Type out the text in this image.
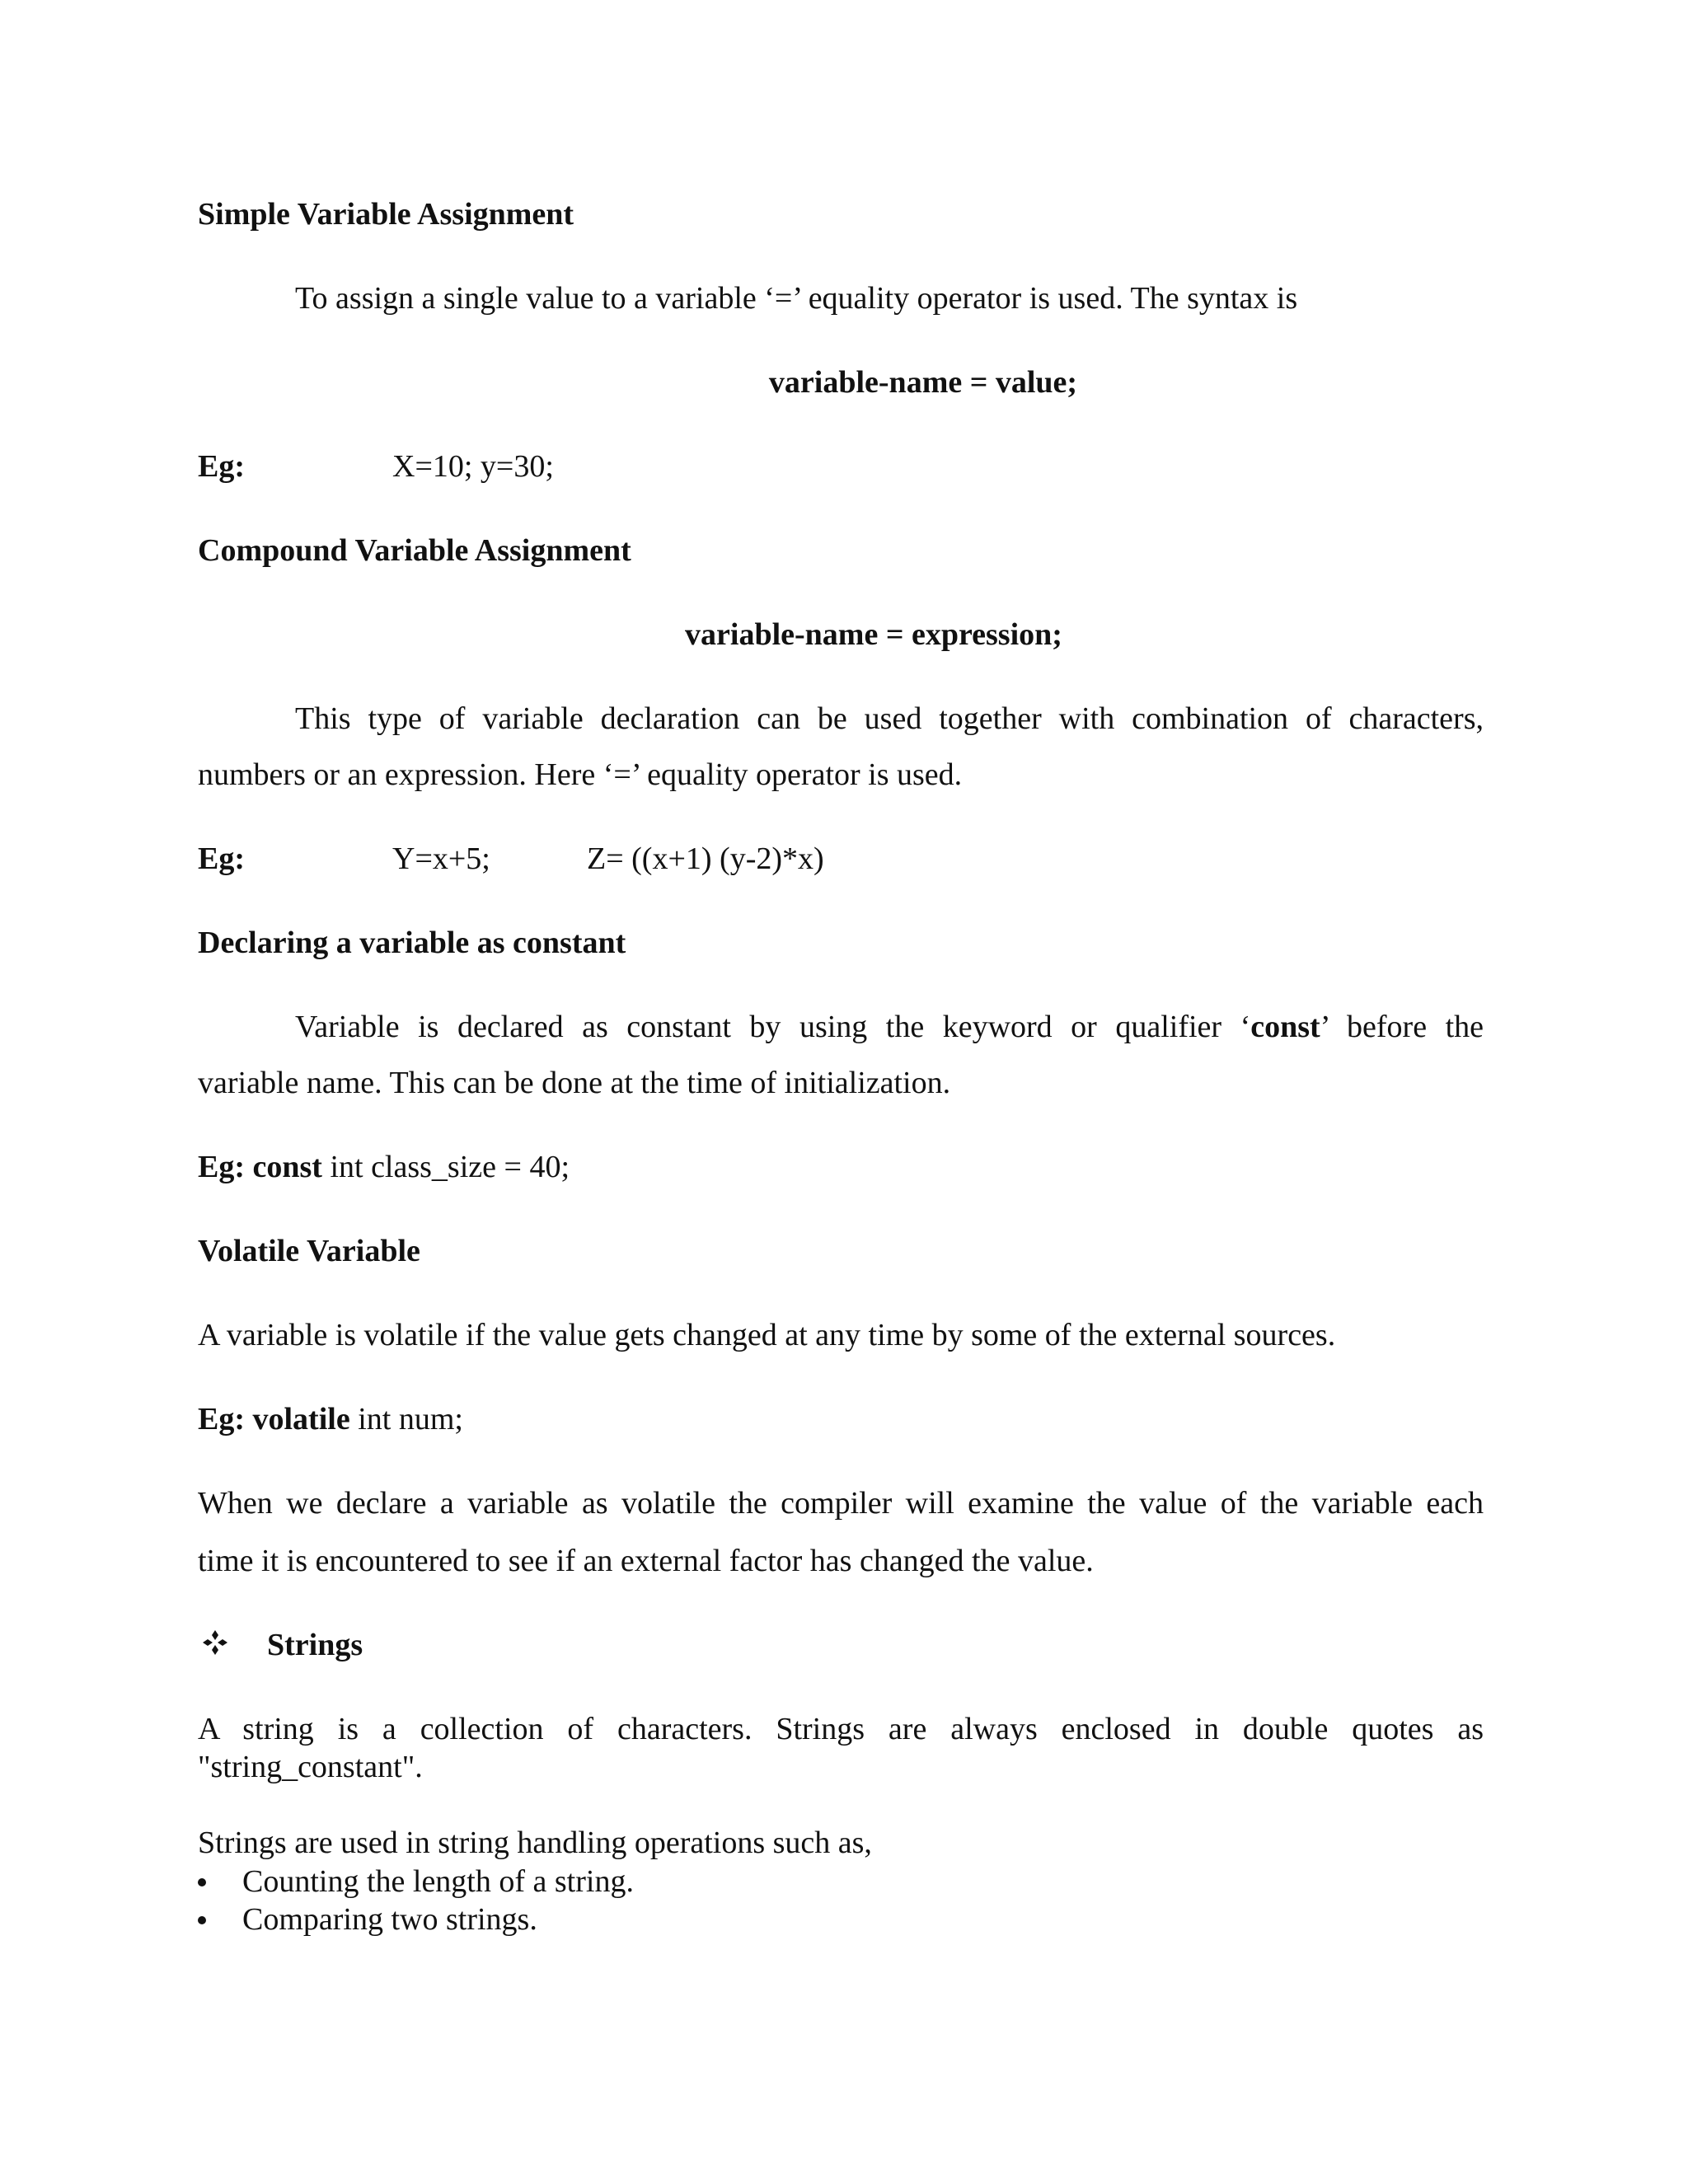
Simple Variable Assignment
To assign a single value to a variable ‘=’ equality operator is used. The syntax is
variable-name = value;
Eg:	X=10; y=30;
Compound Variable Assignment
variable-name = expression;
This type of variable declaration can be used together with combination of characters,
numbers or an expression. Here ‘=’ equality operator is used.
Eg:	Y=x+5;	Z= ((x+1) (y-2)*x)
Declaring a variable as constant
Variable is declared as constant by using the keyword or qualifier ‘const’ before the
variable name. This can be done at the time of initialization.
Eg: const int class_size = 40;
Volatile Variable
A variable is volatile if the value gets changed at any time by some of the external sources.
Eg: volatile int num;
When we declare a variable as volatile the compiler will examine the value of the variable each
time it is encountered to see if an external factor has changed the value.
Strings
A string is a collection of characters. Strings are always enclosed in double quotes as
"string_constant".
Strings are used in string handling operations such as,
Counting the length of a string.
Comparing two strings.
